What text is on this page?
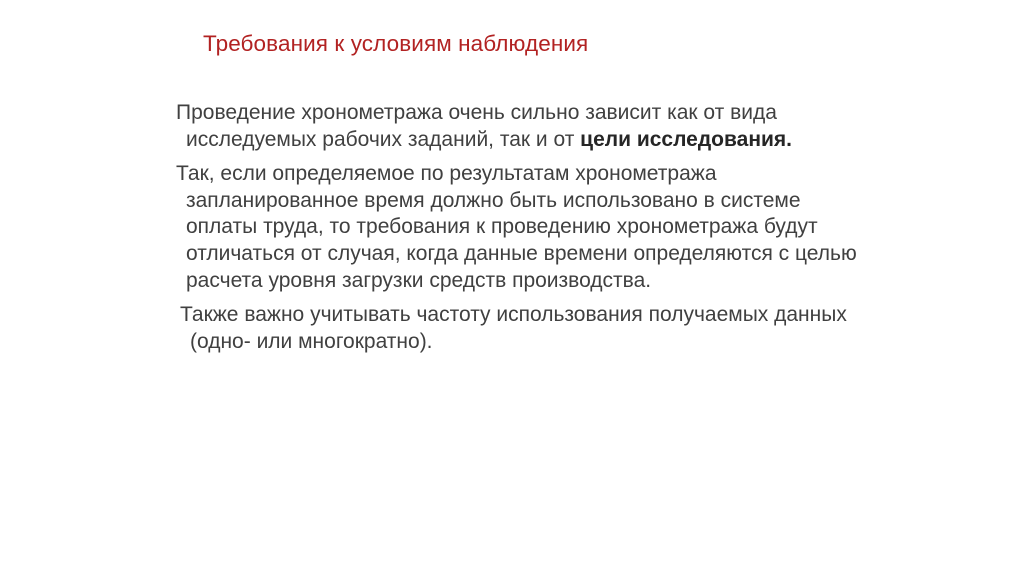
Требования к условиям наблюдения

Проведение хронометража очень сильно зависит как от вида исследуемых рабочих заданий, так и от цели исследования.

Так, если определяемое по результатам хронометража запланированное время должно быть использовано в системе оплаты труда, то требования к проведению хронометража будут отличаться от случая, когда данные времени определяются с целью расчета уровня загрузки средств производства.

Также важно учитывать частоту использования получаемых данных (одно- или многократно).
